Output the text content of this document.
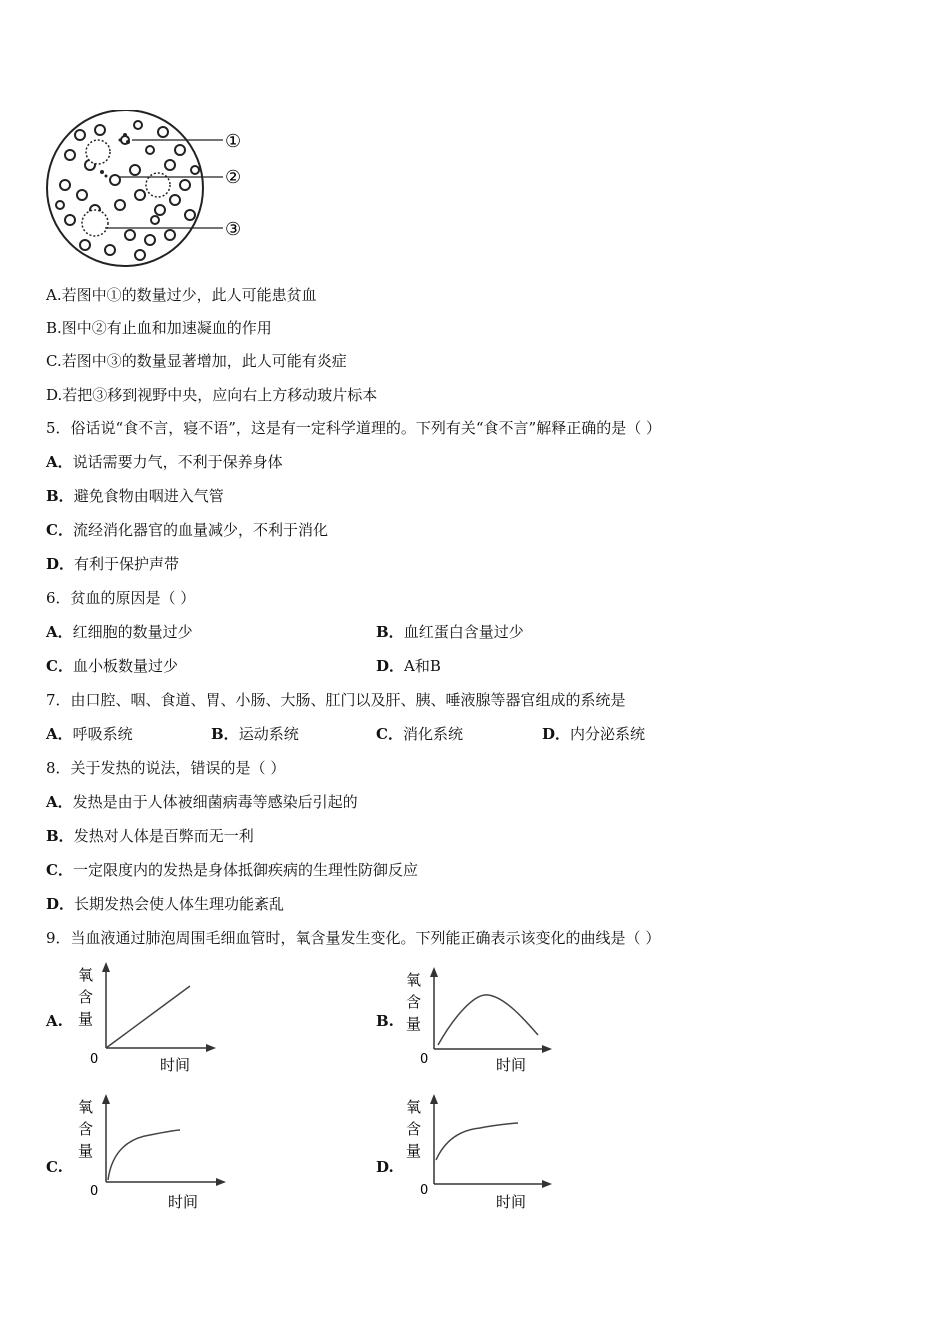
①
②
③
A.若图中①的数量过少，此人可能患贫血
B.图中②有止血和加速凝血的作用
C.若图中③的数量显著增加，此人可能有炎症
D.若把③移到视野中央，应向右上方移动玻片标本
5．俗话说“食不言，寝不语”，这是有一定科学道理的。下列有关“食不言”解释正确的是（ ）
A．说话需要力气，不利于保养身体
B．避免食物由咽进入气管
C．流经消化器官的血量减少，不利于消化
D．有利于保护声带
6．贫血的原因是（ ）
A．红细胞的数量过少	B．血红蛋白含量过少
C．血小板数量过少	D．A和B
7．由口腔、咽、食道、胃、小肠、大肠、肛门以及肝、胰、唾液腺等器官组成的系统是
A．呼吸系统	B．运动系统	C．消化系统	D．内分泌系统
8．关于发热的说法，错误的是（ ）
A．发热是由于人体被细菌病毒等感染后引起的
B．发热对人体是百弊而无一利
C．一定限度内的发热是身体抵御疾病的生理性防御反应
D．长期发热会使人体生理功能紊乱
9．当血液通过肺泡周围毛细血管时，氧含量发生变化。下列能正确表示该变化的曲线是（ ）
A.
氧
含
量
0	时间
B.
氧
含
量
0	时间
C.
氧
含
量
0
时间
D.
氧
含
量
0
时间
